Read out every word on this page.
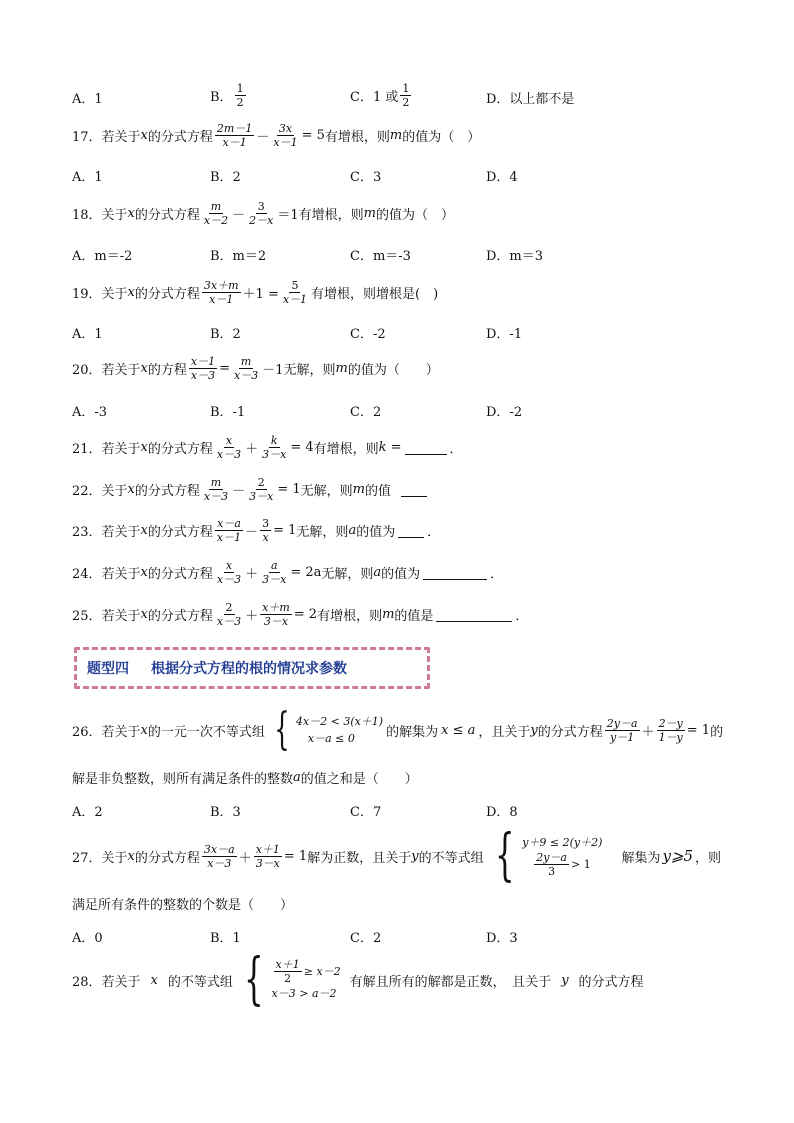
A．1	B． $\frac{1}{2}$	C．1 或 $\frac{1}{2}$	D．以上都不是
17．若关于 x 的分式方程 $\frac{2m-1}{x-1} - \frac{3x}{x-1} = 5$ 有增根，则 m 的值为（　）
A．1	B．2	C．3	D．4
18．关于 x 的分式方程 $\frac{m}{x-2} - \frac{3}{2-x} =1$ 有增根，则 m 的值为（　）
A．m＝-2	B．m＝2	C．m＝-3	D．m＝3
19．关于 x 的分式方程 $\frac{3x+m}{x-1} +1 = \frac{5}{x-1}$ 有增根，则增根是(　)
A．1	B．2	C．-2	D．-1
20．若关于 x 的方程 $\frac{x-1}{x-3} = \frac{m}{x-3} -1$ 无解，则 m 的值为（　　）
A．-3	B．-1	C．2	D．-2
21．若关于 x 的分式方程 $\frac{x}{x-3} + \frac{k}{3-x} = 4$ 有增根，则 k =	．
22．关于 x 的分式方程 $\frac{m}{x-3} - \frac{2}{3-x} = 1$ 无解，则 m 的值
23．若关于 x 的分式方程 $\frac{x-a}{x-1} - \frac{3}{x} = 1$ 无解，则 a 的值为 ．
24．若关于 x 的分式方程 $\frac{x}{x-3} + \frac{a}{3-x} = 2a$ 无解，则 a 的值为	．
25．若关于 x 的分式方程 $\frac{2}{x-3} + \frac{x+m}{3-x} = 2$ 有增根，则 m 的值是	．
题型四 根据分式方程的根的情况求参数
26．若关于 x 的一元一次不等式组 { 4x－2 < 3(x＋1)
x－a ≤ 0	的解集为 x ≤ a ，且关于 y 的分式方程 $\frac{2y-a}{y-1} + \frac{2-y}{1-y} = 1$ 的
解是非负整数，则所有满足条件的整数 a 的值之和是（　　）
A．2	B．3	C．7	D．8
27．关于 x 的分式方程 $\frac{3x-a}{x-3} + \frac{x+1}{3-x} = 1$ 解为正数，且关于 y 的不等式组 { y＋9 ≤ 2(y＋2)
$\frac{2y-a}{3} > 1$ 解集为 y⩾5 ，则
满足所有条件的整数的个数是（　　）
A．0	B．1	C．2	D．3
28．若关于 x 的不等式组 { $\frac{x+1}{2} \ge x-2$
x－3 > a－2
有解且所有的解都是正数，　且关于 y 的分式方程
